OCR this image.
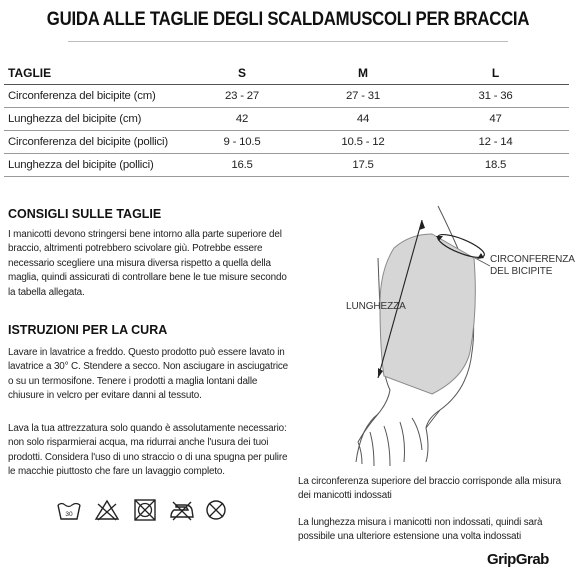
GUIDA ALLE TAGLIE DEGLI SCALDAMUSCOLI PER BRACCIA
TAGLIE	S	M	L
Circonferenza del bicipite (cm)	23 - 27	27 - 31	31 - 36
Lunghezza del bicipite (cm)	42	44	47
Circonferenza del bicipite (pollici)	9 - 10.5	10.5 - 12	12 - 14
Lunghezza del bicipite (pollici)	16.5	17.5	18.5
CONSIGLI SULLE TAGLIE
I manicotti devono stringersi bene intorno alla parte superiore del braccio, altrimenti potrebbero scivolare giù. Potrebbe essere necessario scegliere una misura diversa rispetto a quella della maglia, quindi assicurati di controllare bene le tue misure secondo la tabella allegata.
ISTRUZIONI PER LA CURA
Lavare in lavatrice a freddo. Questo prodotto può essere lavato in lavatrice a 30° C. Stendere a secco. Non asciugare in asciugatrice o su un termosifone. Tenere i prodotti a maglia lontani dalle chiusure in velcro per evitare danni al tessuto.
Lava la tua attrezzatura solo quando è assolutamente necessario: non solo risparmierai acqua, ma ridurrai anche l'usura dei tuoi prodotti. Considera l'uso di uno straccio o di una spugna per pulire le macchie piuttosto che fare un lavaggio completo.
30
CIRCONFERENZA
DEL BICIPITE
LUNGHEZZA
La circonferenza superiore del braccio corrisponde alla misura dei manicotti indossati
La lunghezza misura i manicotti non indossati, quindi sarà possibile una ulteriore estensione una volta indossati
GripGrab
